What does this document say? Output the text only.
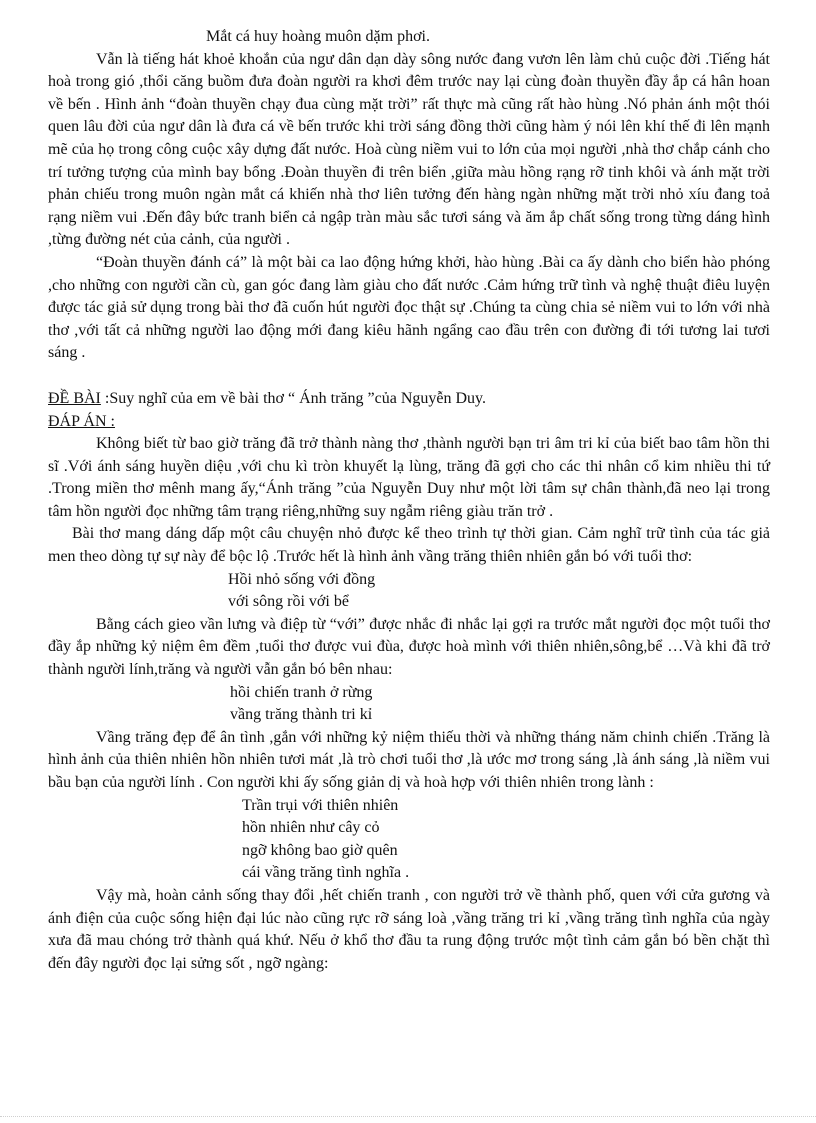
Mắt cá huy hoàng muôn dặm phơi.

Vẫn là tiếng hát khoẻ khoắn của ngư dân dạn dày sông nước đang vươn lên làm chủ cuộc đời .Tiếng hát hoà trong gió ,thổi căng buồm đưa đoàn người ra khơi đêm trước nay lại cùng đoàn thuyền đầy ắp cá hân hoan về bến . Hình ảnh “đoàn thuyền chạy đua cùng mặt trời” rất thực mà cũng rất hào hùng .Nó phản ánh một thói quen lâu đời của ngư dân là đưa cá về bến trước khi trời sáng đồng thời cũng hàm ý nói lên khí thế đi lên mạnh mẽ của họ trong công cuộc xây dựng đất nước. Hoà cùng niềm vui to lớn của mọi người ,nhà thơ chắp cánh cho trí tưởng tượng của mình bay bổng .Đoàn thuyền đi trên biển ,giữa màu hồng rạng rỡ tinh khôi và ánh mặt trời phản chiếu trong muôn ngàn mắt cá khiến nhà thơ liên tưởng đến hàng ngàn những mặt trời nhỏ xíu đang toả rạng niềm vui .Đến đây bức tranh biển cả ngập tràn màu sắc tươi sáng và ăm ắp chất sống trong từng dáng hình ,từng đường nét của cảnh, của người .

“Đoàn thuyền đánh cá” là một bài ca lao động hứng khởi, hào hùng .Bài ca ấy dành cho biển hào phóng ,cho những con người cần cù, gan góc đang làm giàu cho đất nước .Cảm hứng trữ tình và nghệ thuật điêu luyện được tác giả sử dụng trong bài thơ đã cuốn hút người đọc thật sự .Chúng ta cùng chia sẻ niềm vui to lớn với nhà thơ ,với tất cả những người lao động mới đang kiêu hãnh ngẩng cao đầu trên con đường đi tới tương lai tươi sáng .

ĐỀ BÀI :Suy nghĩ của em về bài thơ “ Ánh trăng ”của Nguyễn Duy.
ĐÁP ÁN :

Không biết từ bao giờ trăng đã trở thành nàng thơ ,thành người bạn tri âm tri kỉ của biết bao tâm hồn thi sĩ .Với ánh sáng huyền diệu ,với chu kì tròn khuyết lạ lùng, trăng đã gợi cho các thi nhân cổ kim nhiều thi tứ .Trong miền thơ mênh mang ấy,“Ánh trăng ”của Nguyễn Duy như một lời tâm sự chân thành,đã neo lại trong tâm hồn người đọc những tâm trạng riêng,những suy ngẫm riêng giàu trăn trở .

Bài thơ mang dáng dấp một câu chuyện nhỏ được kể theo trình tự thời gian. Cảm nghĩ trữ tình của tác giả men theo dòng tự sự này để bộc lộ .Trước hết là hình ảnh vầng trăng thiên nhiên gắn bó với tuổi thơ:

Hồi nhỏ sống với đồng
với sông rồi với bể

Bằng cách gieo vần lưng và điệp từ “với” được nhắc đi nhắc lại gợi ra trước mắt người đọc một tuổi thơ đầy ắp những kỷ niệm êm đềm ,tuổi thơ được vui đùa, được hoà mình với thiên nhiên,sông,bể …Và khi đã trở thành người lính,trăng và người vẫn gắn bó bên nhau:

hồi chiến tranh ở rừng
vầng trăng thành tri kỉ

Vầng trăng đẹp để ân tình ,gắn với những kỷ niệm thiếu thời và những tháng năm chinh chiến .Trăng là hình ảnh của thiên nhiên hồn nhiên tươi mát ,là trò chơi tuổi thơ ,là ước mơ trong sáng ,là ánh sáng ,là niềm vui bầu bạn của người lính . Con người khi ấy sống giản dị và hoà hợp với thiên nhiên trong lành :

Trần trụi với thiên nhiên
hồn nhiên như cây cỏ
ngỡ không bao giờ quên
cái vầng trăng tình nghĩa .

Vậy mà, hoàn cảnh sống thay đổi ,hết chiến tranh , con người trở về thành phố, quen với cửa gương và ánh điện của cuộc sống hiện đại lúc nào cũng rực rỡ sáng loà ,vầng trăng tri kỉ ,vầng trăng tình nghĩa của ngày xưa đã mau chóng trở thành quá khứ. Nếu ở khổ thơ đầu ta rung động trước một tình cảm gắn bó bền chặt thì đến đây người đọc lại sửng sốt , ngỡ ngàng:
